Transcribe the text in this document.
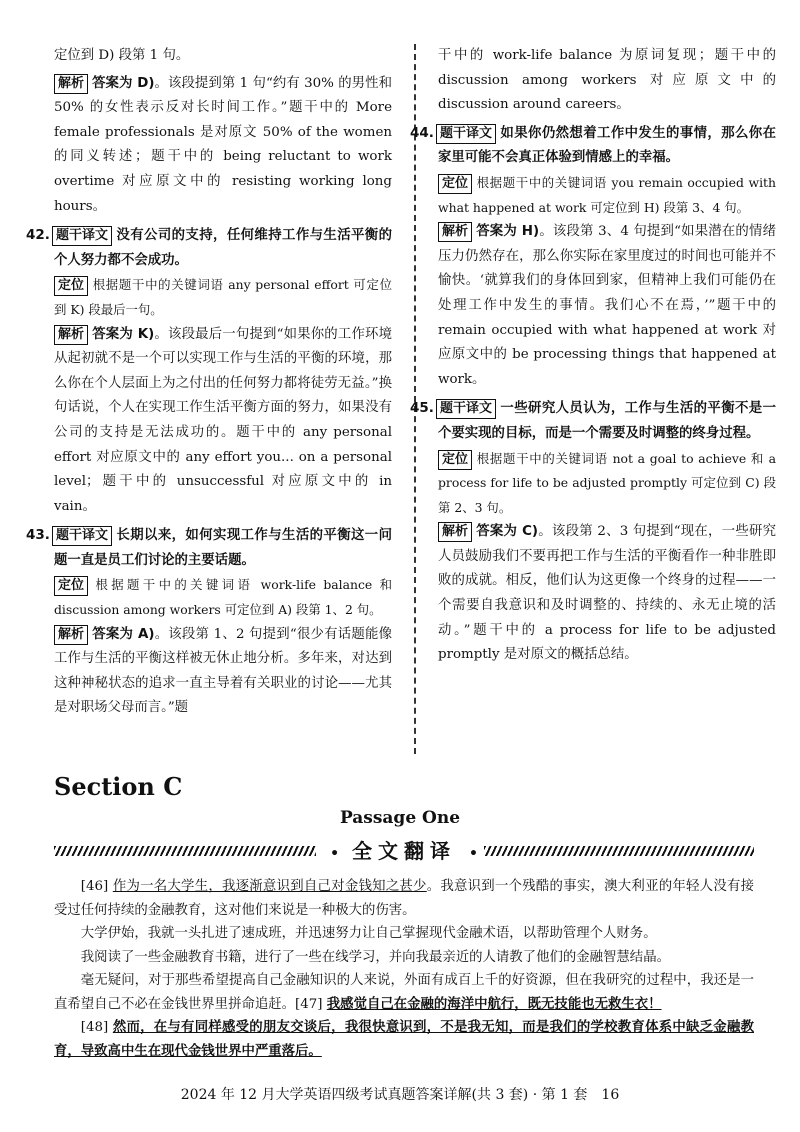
定位到 D) 段第 1 句。

解析 答案为 D)。该段提到第 1 句“约有 30% 的男性和 50% 的女性表示反对长时间工作。”题干中的 More female professionals 是对原文 50% of the women 的同义转述；题干中的 being reluctant to work overtime 对应原文中的 resisting working long hours。

42. 题干译文 没有公司的支持，任何维持工作与生活平衡的个人努力都不会成功。

定位 根据题干中的关键词语 any personal effort 可定位到 K) 段最后一句。

解析 答案为 K)。该段最后一句提到“如果你的工作环境从起初就不是一个可以实现工作与生活的平衡的环境，那么你在个人层面上为之付出的任何努力都将徒劳无益。”换句话说，个人在实现工作生活平衡方面的努力，如果没有公司的支持是无法成功的。题干中的 any personal effort 对应原文中的 any effort you... on a personal level；题干中的 unsuccessful 对应原文中的 in vain。

43. 题干译文 长期以来，如何实现工作与生活的平衡这一问题一直是员工们讨论的主要话题。

定位 根据题干中的关键词语 work-life balance 和 discussion among workers 可定位到 A) 段第 1、2 句。

解析 答案为 A)。该段第 1、2 句提到“很少有话题能像工作与生活的平衡这样被无休止地分析。多年来，对达到这种神秘状态的追求一直主导着有关职业的讨论——尤其是对职场父母而言。”题

干中的 work-life balance 为原词复现；题干中的 discussion among workers 对应原文中的 discussion around careers。

44. 题干译文 如果你仍然想着工作中发生的事情，那么你在家里可能不会真正体验到情感上的幸福。

定位 根据题干中的关键词语 you remain occupied with what happened at work 可定位到 H) 段第 3、4 句。

解析 答案为 H)。该段第 3、4 句提到“如果潜在的情绪压力仍然存在，那么你实际在家里度过的时间也可能并不愉快。‘就算我们的身体回到家，但精神上我们可能仍在处理工作中发生的事情。我们心不在焉，’”题干中的 remain occupied with what happened at work 对应原文中的 be processing things that happened at work。

45. 题干译文 一些研究人员认为，工作与生活的平衡不是一个要实现的目标，而是一个需要及时调整的终身过程。

定位 根据题干中的关键词语 not a goal to achieve 和 a process for life to be adjusted promptly 可定位到 C) 段第 2、3 句。

解析 答案为 C)。该段第 2、3 句提到“现在，一些研究人员鼓励我们不要再把工作与生活的平衡看作一种非胜即败的成就。相反，他们认为这更像一个终身的过程——一个需要自我意识和及时调整的、持续的、永无止境的活动。”题干中的 a process for life to be adjusted promptly 是对原文的概括总结。

Section C
Passage One
• 全文翻译 •

[46] 作为一名大学生，我逐渐意识到自己对金钱知之甚少。我意识到一个残酷的事实，澳大利亚的年轻人没有接受过任何持续的金融教育，这对他们来说是一种极大的伤害。

大学伊始，我就一头扎进了速成班，并迅速努力让自己掌握现代金融术语，以帮助管理个人财务。

我阅读了一些金融教育书籍，进行了一些在线学习，并向我最亲近的人请教了他们的金融智慧结晶。

毫无疑问，对于那些希望提高自己金融知识的人来说，外面有成百上千的好资源，但在我研究的过程中，我还是一直希望自己不必在金钱世界里拼命追赶。[47] 我感觉自己在金融的海洋中航行，既无技能也无救生衣！

[48] 然而，在与有同样感受的朋友交谈后，我很快意识到，不是我无知，而是我们的学校教育体系中缺乏金融教育，导致高中生在现代金钱世界中严重落后。

2024 年 12 月大学英语四级考试真题答案详解(共 3 套) · 第 1 套　16
